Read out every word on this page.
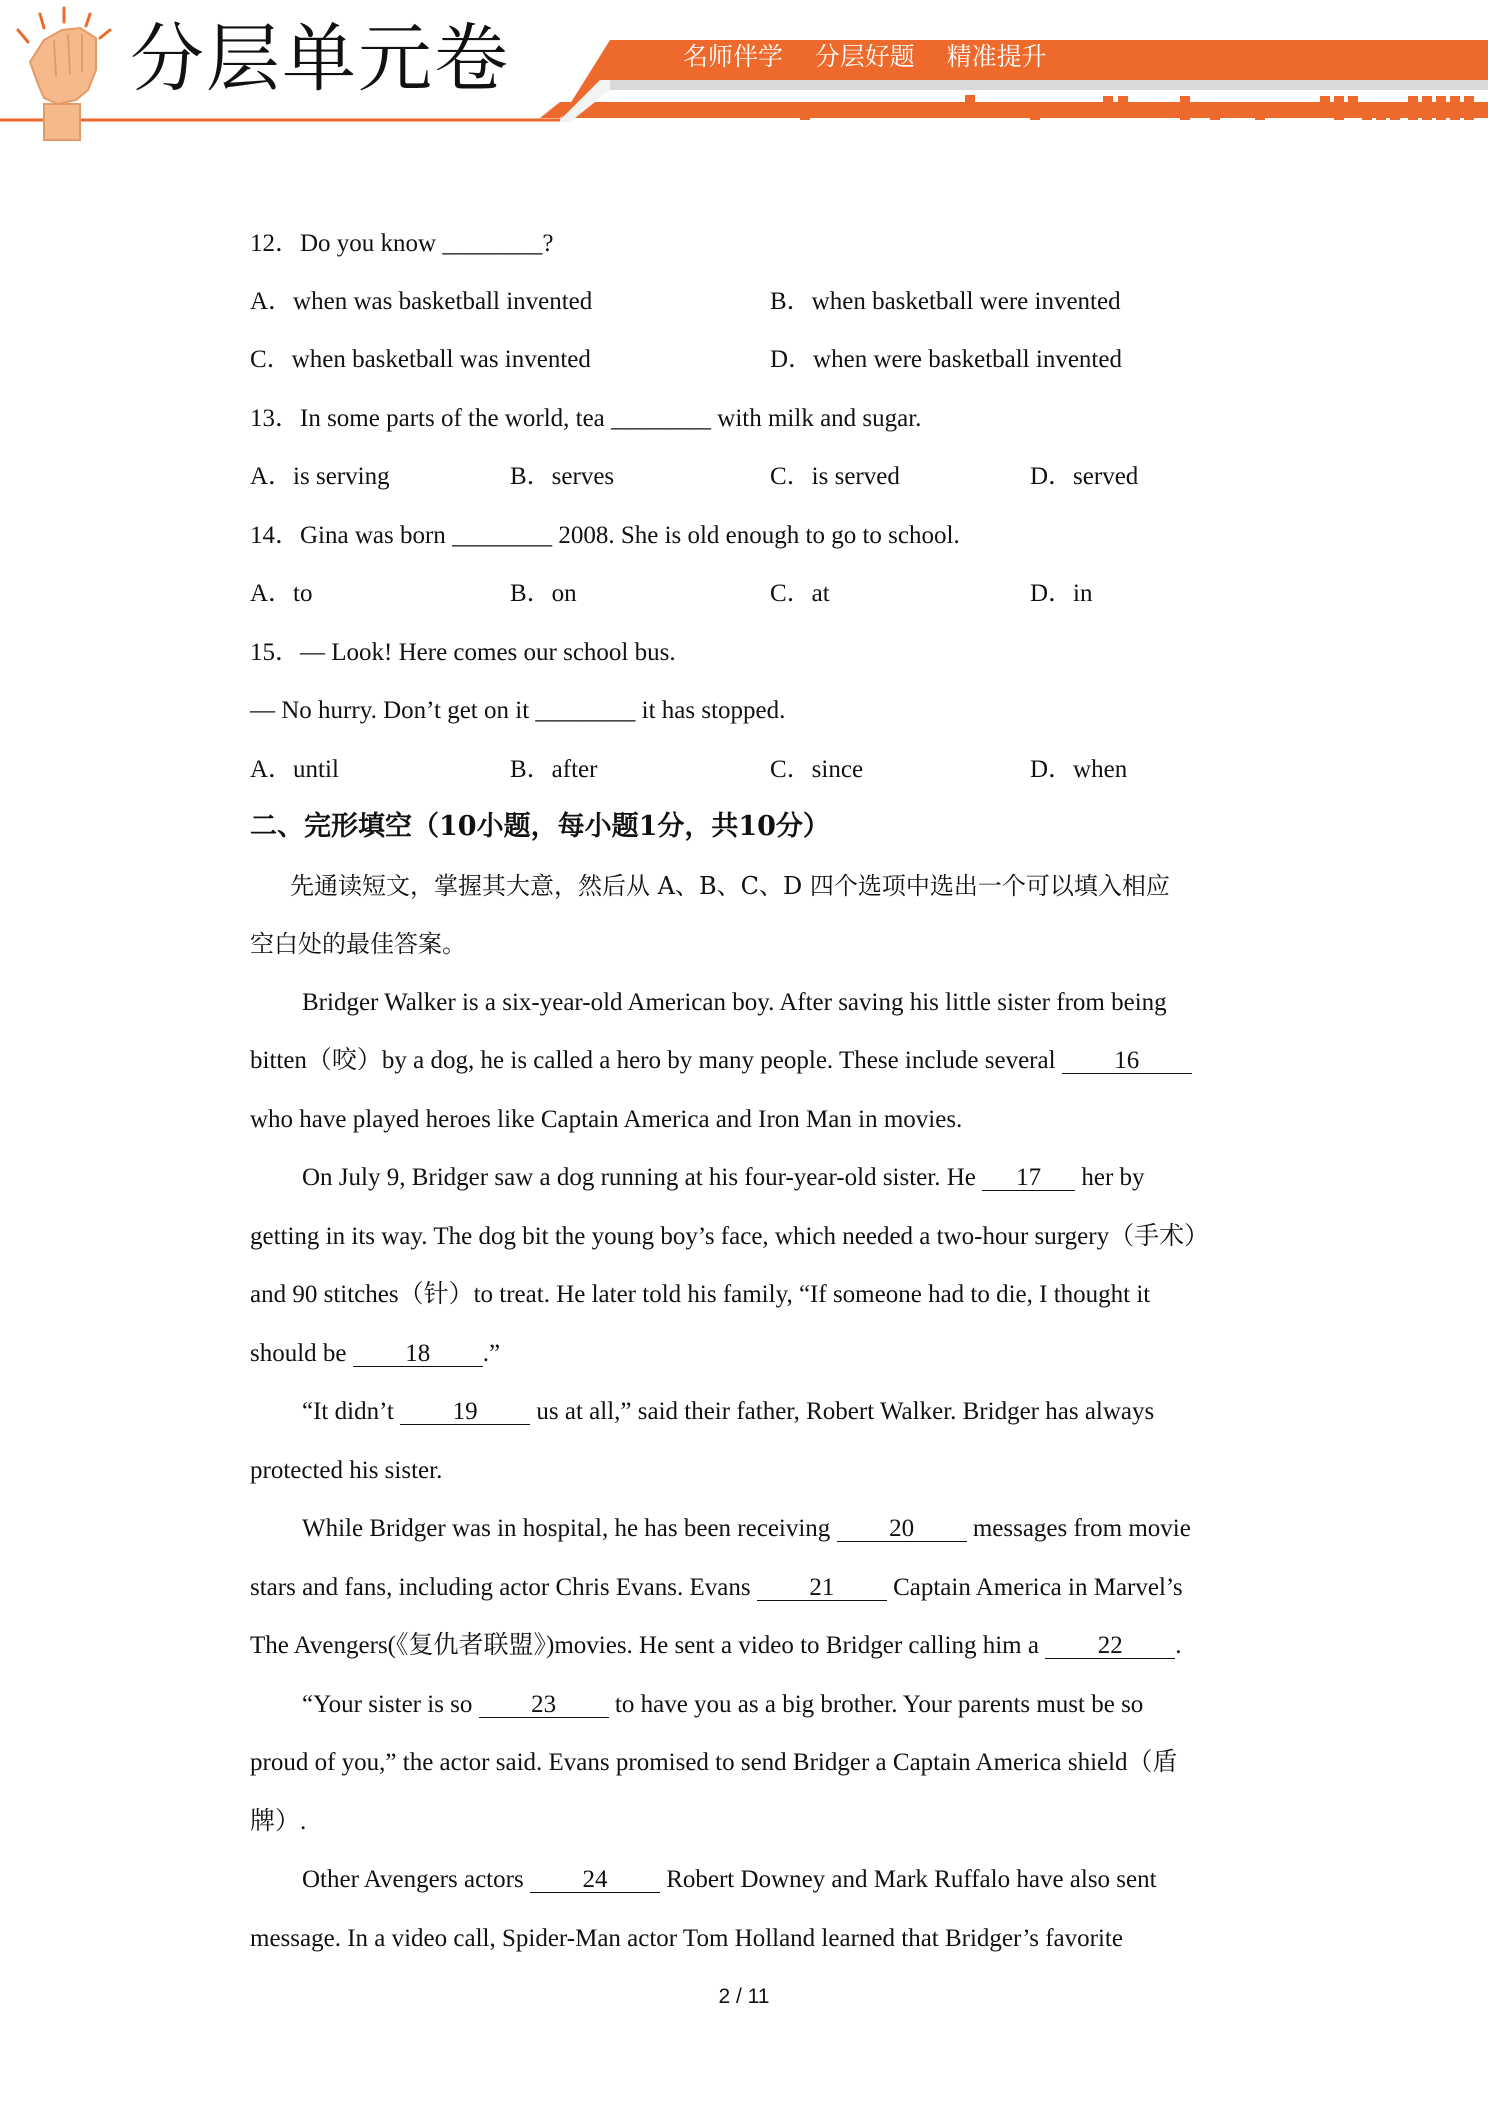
分层单元卷	名师伴学    分层好题    精准提升
12．Do you know ________?
A．when was basketball invented	B．when basketball were invented
C．when basketball was invented	D．when were basketball invented
13．In some parts of the world, tea ________ with milk and sugar.
A．is serving	B．serves	C．is served	D．served
14．Gina was born ________ 2008. She is old enough to go to school.
A．to	B．on	C．at	D．in
15．— Look! Here comes our school bus.
— No hurry. Don’t get on it ________ it has stopped.
A．until	B．after	C．since	D．when
二、完形填空（10小题，每小题1分，共10分）
先通读短文，掌握其大意，然后从 A、B、C、D 四个选项中选出一个可以填入相应
空白处的最佳答案。
Bridger Walker is a six-year-old American boy. After saving his little sister from being
bitten（咬）by a dog, he is called a hero by many people. These include several 16
who have played heroes like Captain America and Iron Man in movies.
On July 9, Bridger saw a dog running at his four-year-old sister. He 17 her by
getting in its way. The dog bit the young boy’s face, which needed a two-hour surgery（手术）
and 90 stitches（针）to treat. He later told his family, “If someone had to die, I thought it
should be 18 .”
“It didn’t 19 us at all,” said their father, Robert Walker. Bridger has always
protected his sister.
While Bridger was in hospital, he has been receiving 20 messages from movie
stars and fans, including actor Chris Evans. Evans 21 Captain America in Marvel’s
The Avengers(《复仇者联盟》)movies. He sent a video to Bridger calling him a 22 .
“Your sister is so 23 to have you as a big brother. Your parents must be so
proud of you,” the actor said. Evans promised to send Bridger a Captain America shield（盾
牌）.
Other Avengers actors 24 Robert Downey and Mark Ruffalo have also sent
message. In a video call, Spider-Man actor Tom Holland learned that Bridger’s favorite
2 / 11
